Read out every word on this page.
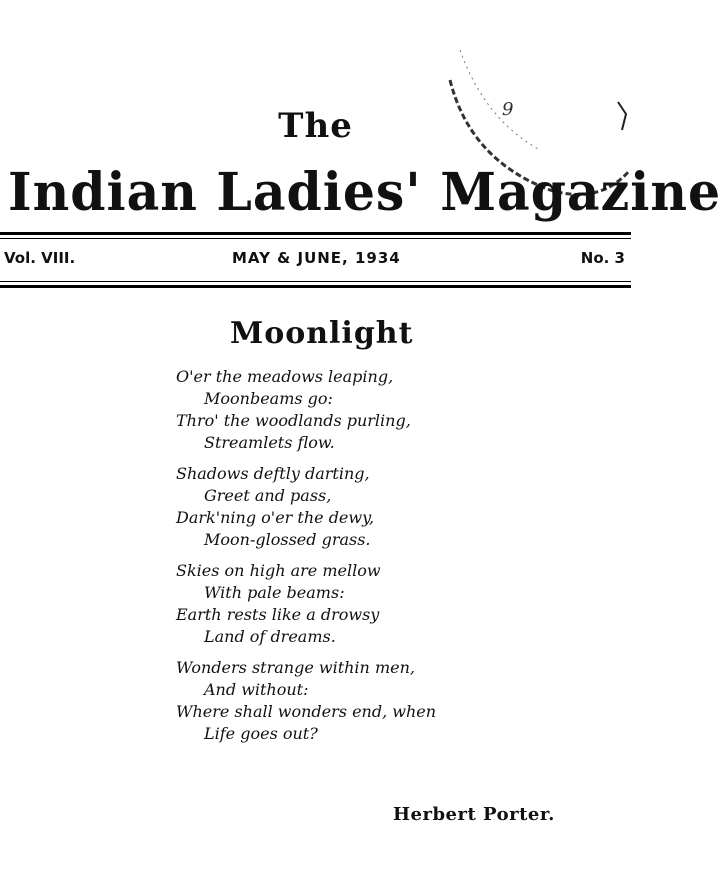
9
The
Indian Ladies' Magazine
Vol. VIII.	MAY & JUNE, 1934	No. 3
Moonlight
O'er the meadows leaping,
Moonbeams go:
Thro' the woodlands purling,
Streamlets flow.
Shadows deftly darting,
Greet and pass,
Dark'ning o'er the dewy,
Moon-glossed grass.
Skies on high are mellow
With pale beams:
Earth rests like a drowsy
Land of dreams.
Wonders strange within men,
And without:
Where shall wonders end, when
Life goes out?
Herbert Porter.
